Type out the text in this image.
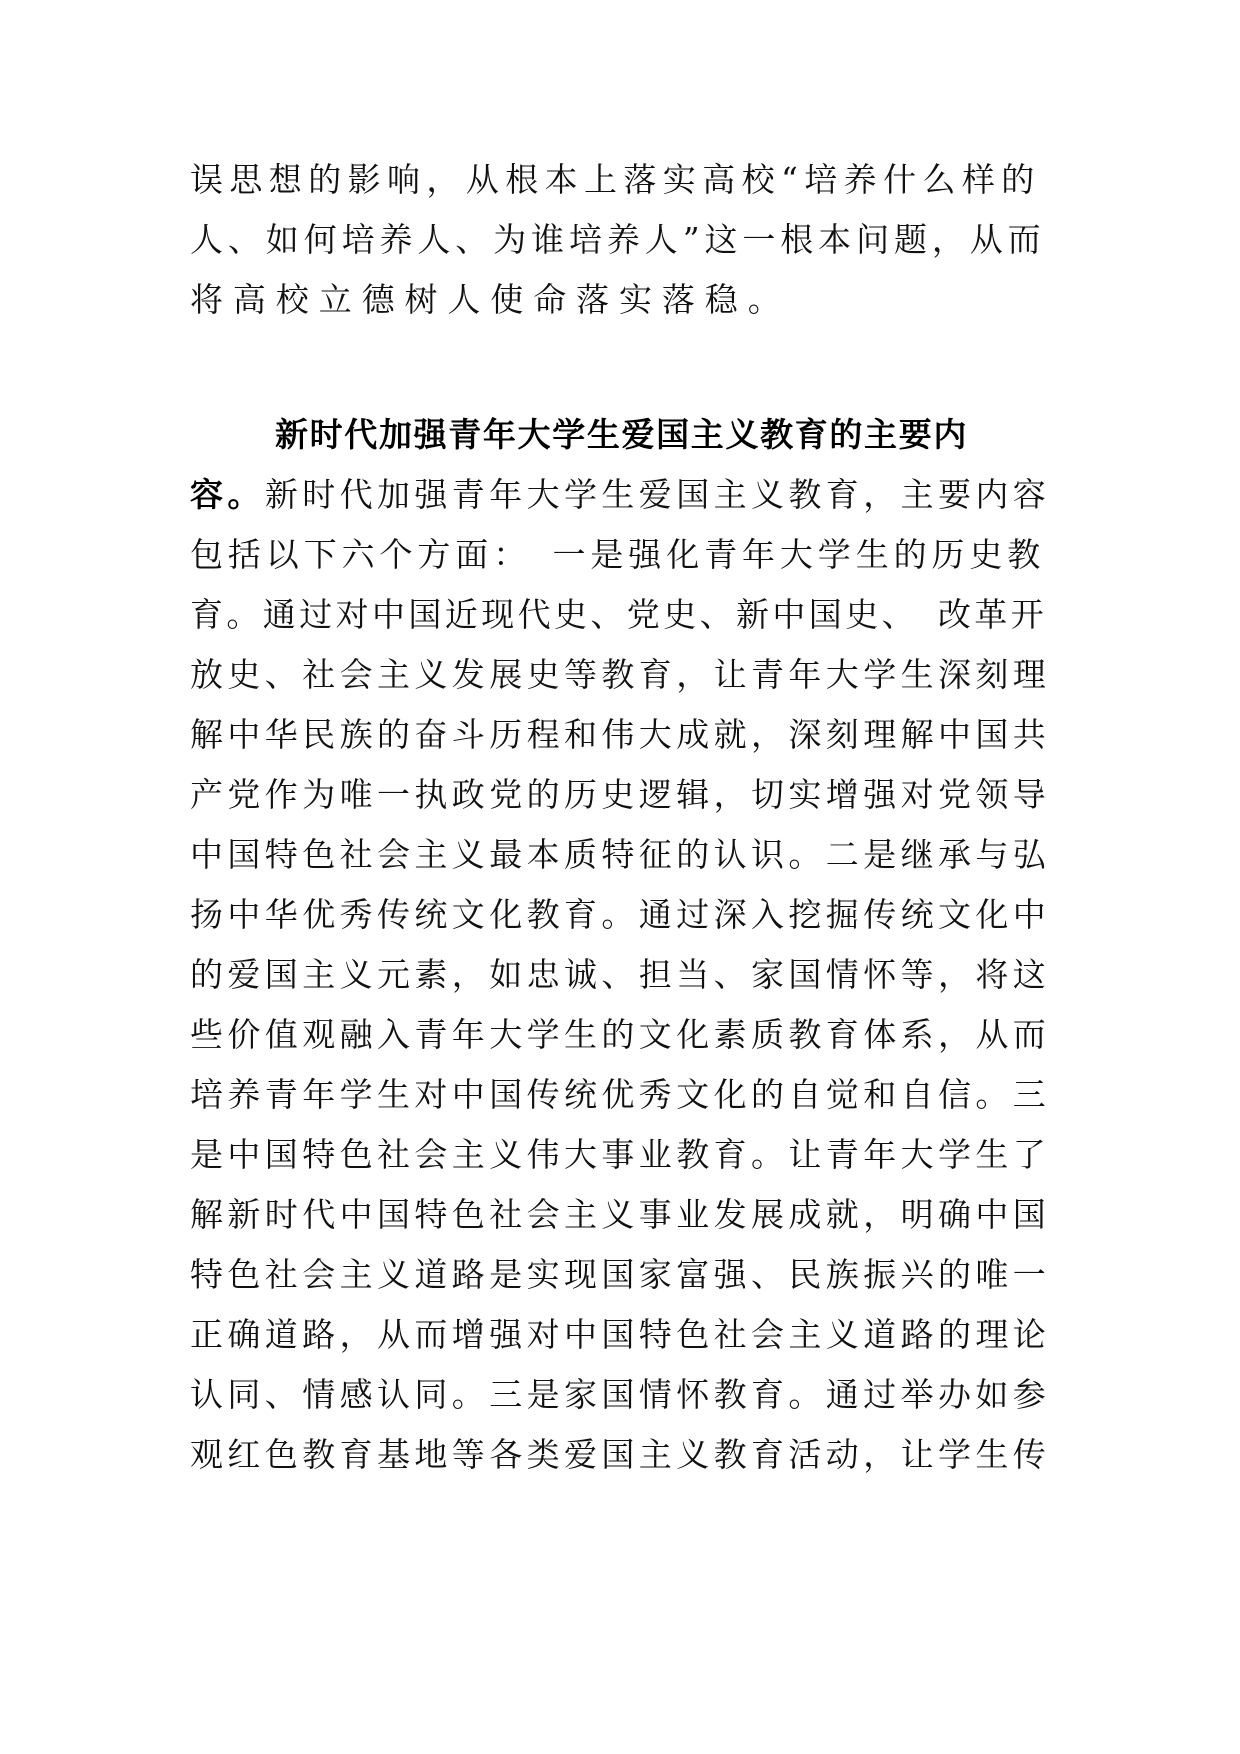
误思想的影响，从根本上落实高校“培养什么样的
人、如何培养人、为谁培养人”这一根本问题，从而
将高校立德树人使命落实落稳。
新时代加强青年大学生爱国主义教育的主要内
容。新时代加强青年大学生爱国主义教育，主要内容
包括以下六个方面：　一是强化青年大学生的历史教
育。通过对中国近现代史、党史、新中国史、　改革开
放史、社会主义发展史等教育，让青年大学生深刻理
解中华民族的奋斗历程和伟大成就，深刻理解中国共
产党作为唯一执政党的历史逻辑，切实增强对党领导
中国特色社会主义最本质特征的认识。二是继承与弘
扬中华优秀传统文化教育。通过深入挖掘传统文化中
的爱国主义元素，如忠诚、担当、家国情怀等，将这
些价值观融入青年大学生的文化素质教育体系，从而
培养青年学生对中国传统优秀文化的自觉和自信。三
是中国特色社会主义伟大事业教育。让青年大学生了
解新时代中国特色社会主义事业发展成就，明确中国
特色社会主义道路是实现国家富强、民族振兴的唯一
正确道路，从而增强对中国特色社会主义道路的理论
认同、情感认同。三是家国情怀教育。通过举办如参
观红色教育基地等各类爱国主义教育活动，让学生传
